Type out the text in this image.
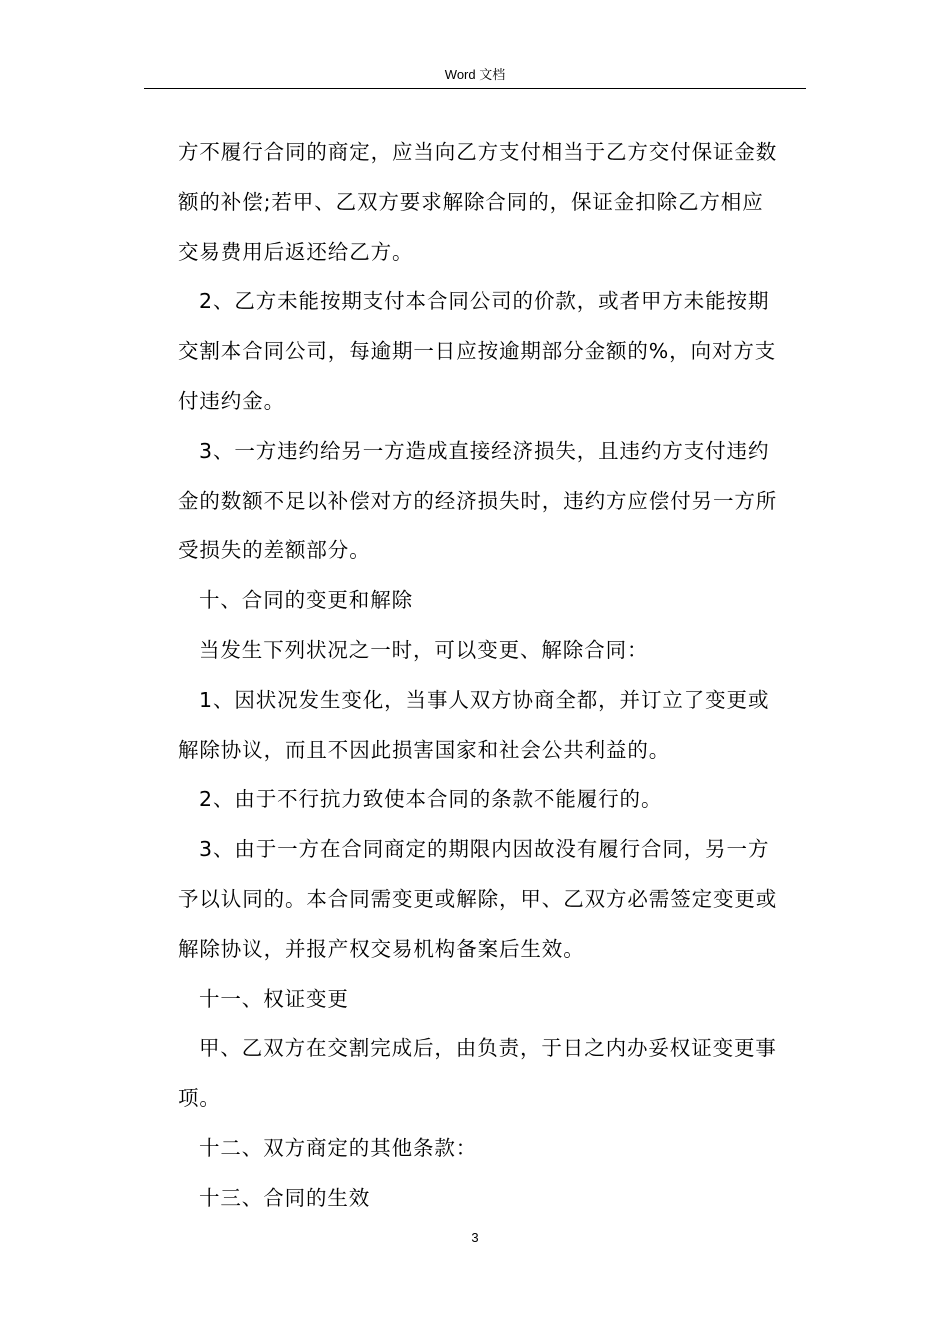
Word 文档
方不履行合同的商定，应当向乙方支付相当于乙方交付保证金数
额的补偿;若甲、乙双方要求解除合同的，保证金扣除乙方相应
交易费用后返还给乙方。
2、乙方未能按期支付本合同公司的价款，或者甲方未能按期
交割本合同公司，每逾期一日应按逾期部分金额的%，向对方支
付违约金。
3、一方违约给另一方造成直接经济损失，且违约方支付违约
金的数额不足以补偿对方的经济损失时，违约方应偿付另一方所
受损失的差额部分。
十、合同的变更和解除
当发生下列状况之一时，可以变更、解除合同：
1、因状况发生变化，当事人双方协商全都，并订立了变更或
解除协议，而且不因此损害国家和社会公共利益的。
2、由于不行抗力致使本合同的条款不能履行的。
3、由于一方在合同商定的期限内因故没有履行合同，另一方
予以认同的。本合同需变更或解除，甲、乙双方必需签定变更或
解除协议，并报产权交易机构备案后生效。
十一、权证变更
甲、乙双方在交割完成后，由负责，于日之内办妥权证变更事
项。
十二、双方商定的其他条款：
十三、合同的生效
3
